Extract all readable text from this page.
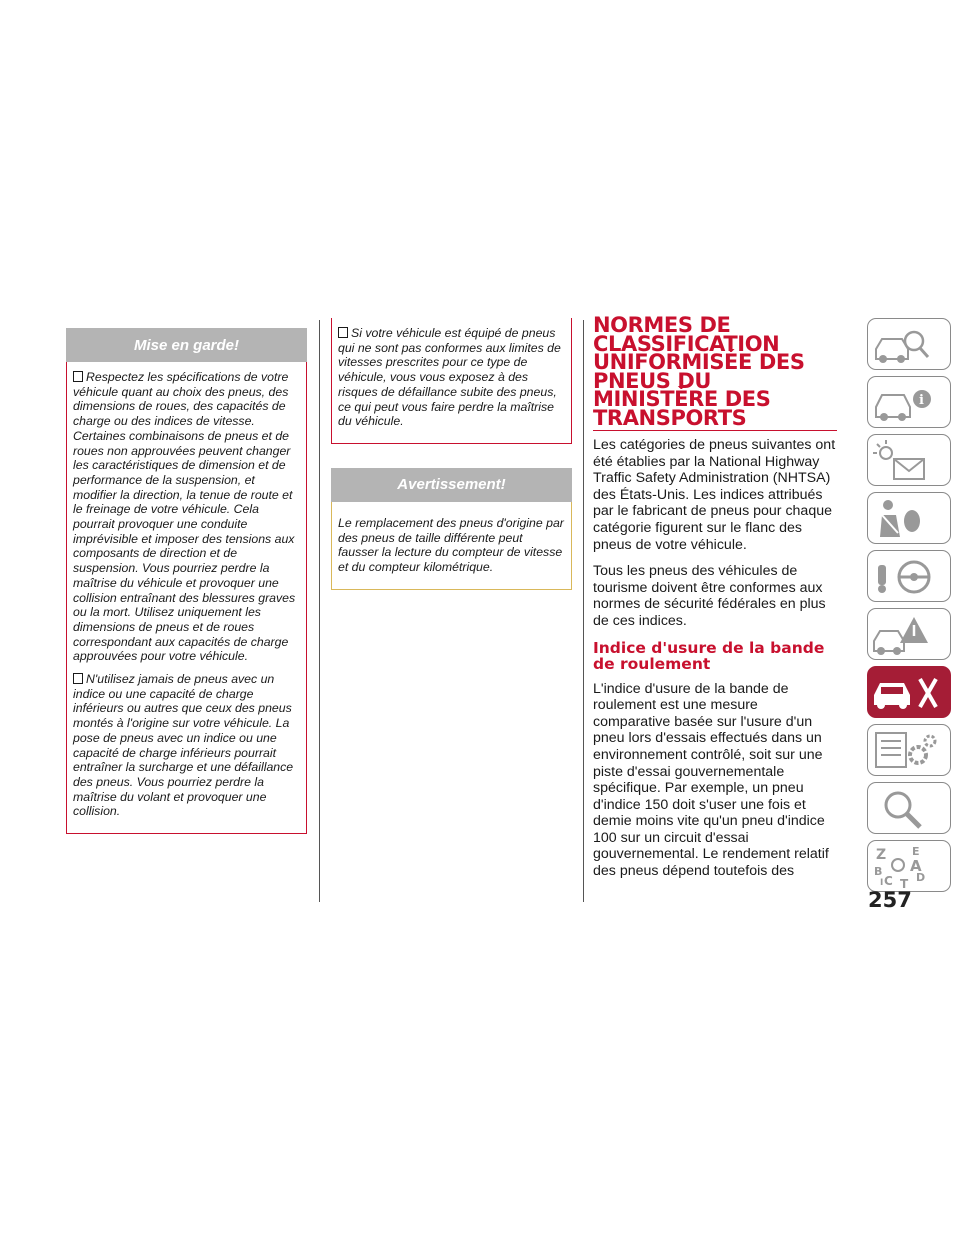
Mise en garde!

Respectez les spécifications de votre véhicule quant au choix des pneus, des dimensions de roues, des capacités de charge ou des indices de vitesse. Certaines combinaisons de pneus et de roues non approuvées peuvent changer les caractéristiques de dimension et de performance de la suspension, et modifier la direction, la tenue de route et le freinage de votre véhicule. Cela pourrait provoquer une conduite imprévisible et imposer des tensions aux composants de direction et de suspension. Vous pourriez perdre la maîtrise du véhicule et provoquer une collision entraînant des blessures graves ou la mort. Utilisez uniquement les dimensions de pneus et de roues correspondant aux capacités de charge approuvées pour votre véhicule.

N'utilisez jamais de pneus avec un indice ou une capacité de charge inférieurs ou autres que ceux des pneus montés à l'origine sur votre véhicule. La pose de pneus avec un indice ou une capacité de charge inférieurs pourrait entraîner la surcharge et une défaillance des pneus. Vous pourriez perdre la maîtrise du volant et provoquer une collision.

Si votre véhicule est équipé de pneus qui ne sont pas conformes aux limites de vitesses prescrites pour ce type de véhicule, vous vous exposez à des risques de défaillance subite des pneus, ce qui peut vous faire perdre la maîtrise du véhicule.

Avertissement!

Le remplacement des pneus d'origine par des pneus de taille différente peut fausser la lecture du compteur de vitesse et du compteur kilométrique.

NORMES DE CLASSIFICATION UNIFORMISÉE DES PNEUS DU MINISTÈRE DES TRANSPORTS

Les catégories de pneus suivantes ont été établies par la National Highway Traffic Safety Administration (NHTSA) des États-Unis. Les indices attribués par le fabricant de pneus pour chaque catégorie figurent sur le flanc des pneus de votre véhicule.

Tous les pneus des véhicules de tourisme doivent être conformes aux normes de sécurité fédérales en plus de ces indices.

Indice d'usure de la bande de roulement

L'indice d'usure de la bande de roulement est une mesure comparative basée sur l'usure d'un pneu lors d'essais effectués dans un environnement contrôlé, soit sur une piste d'essai gouvernementale spécifique. Par exemple, un pneu d'indice 150 doit s'user une fois et demie moins vite qu'un pneu d'indice 100 sur un circuit d'essai gouvernemental. Le rendement relatif des pneus dépend toutefois des

i
Z E
A
B
C D
I T
257
